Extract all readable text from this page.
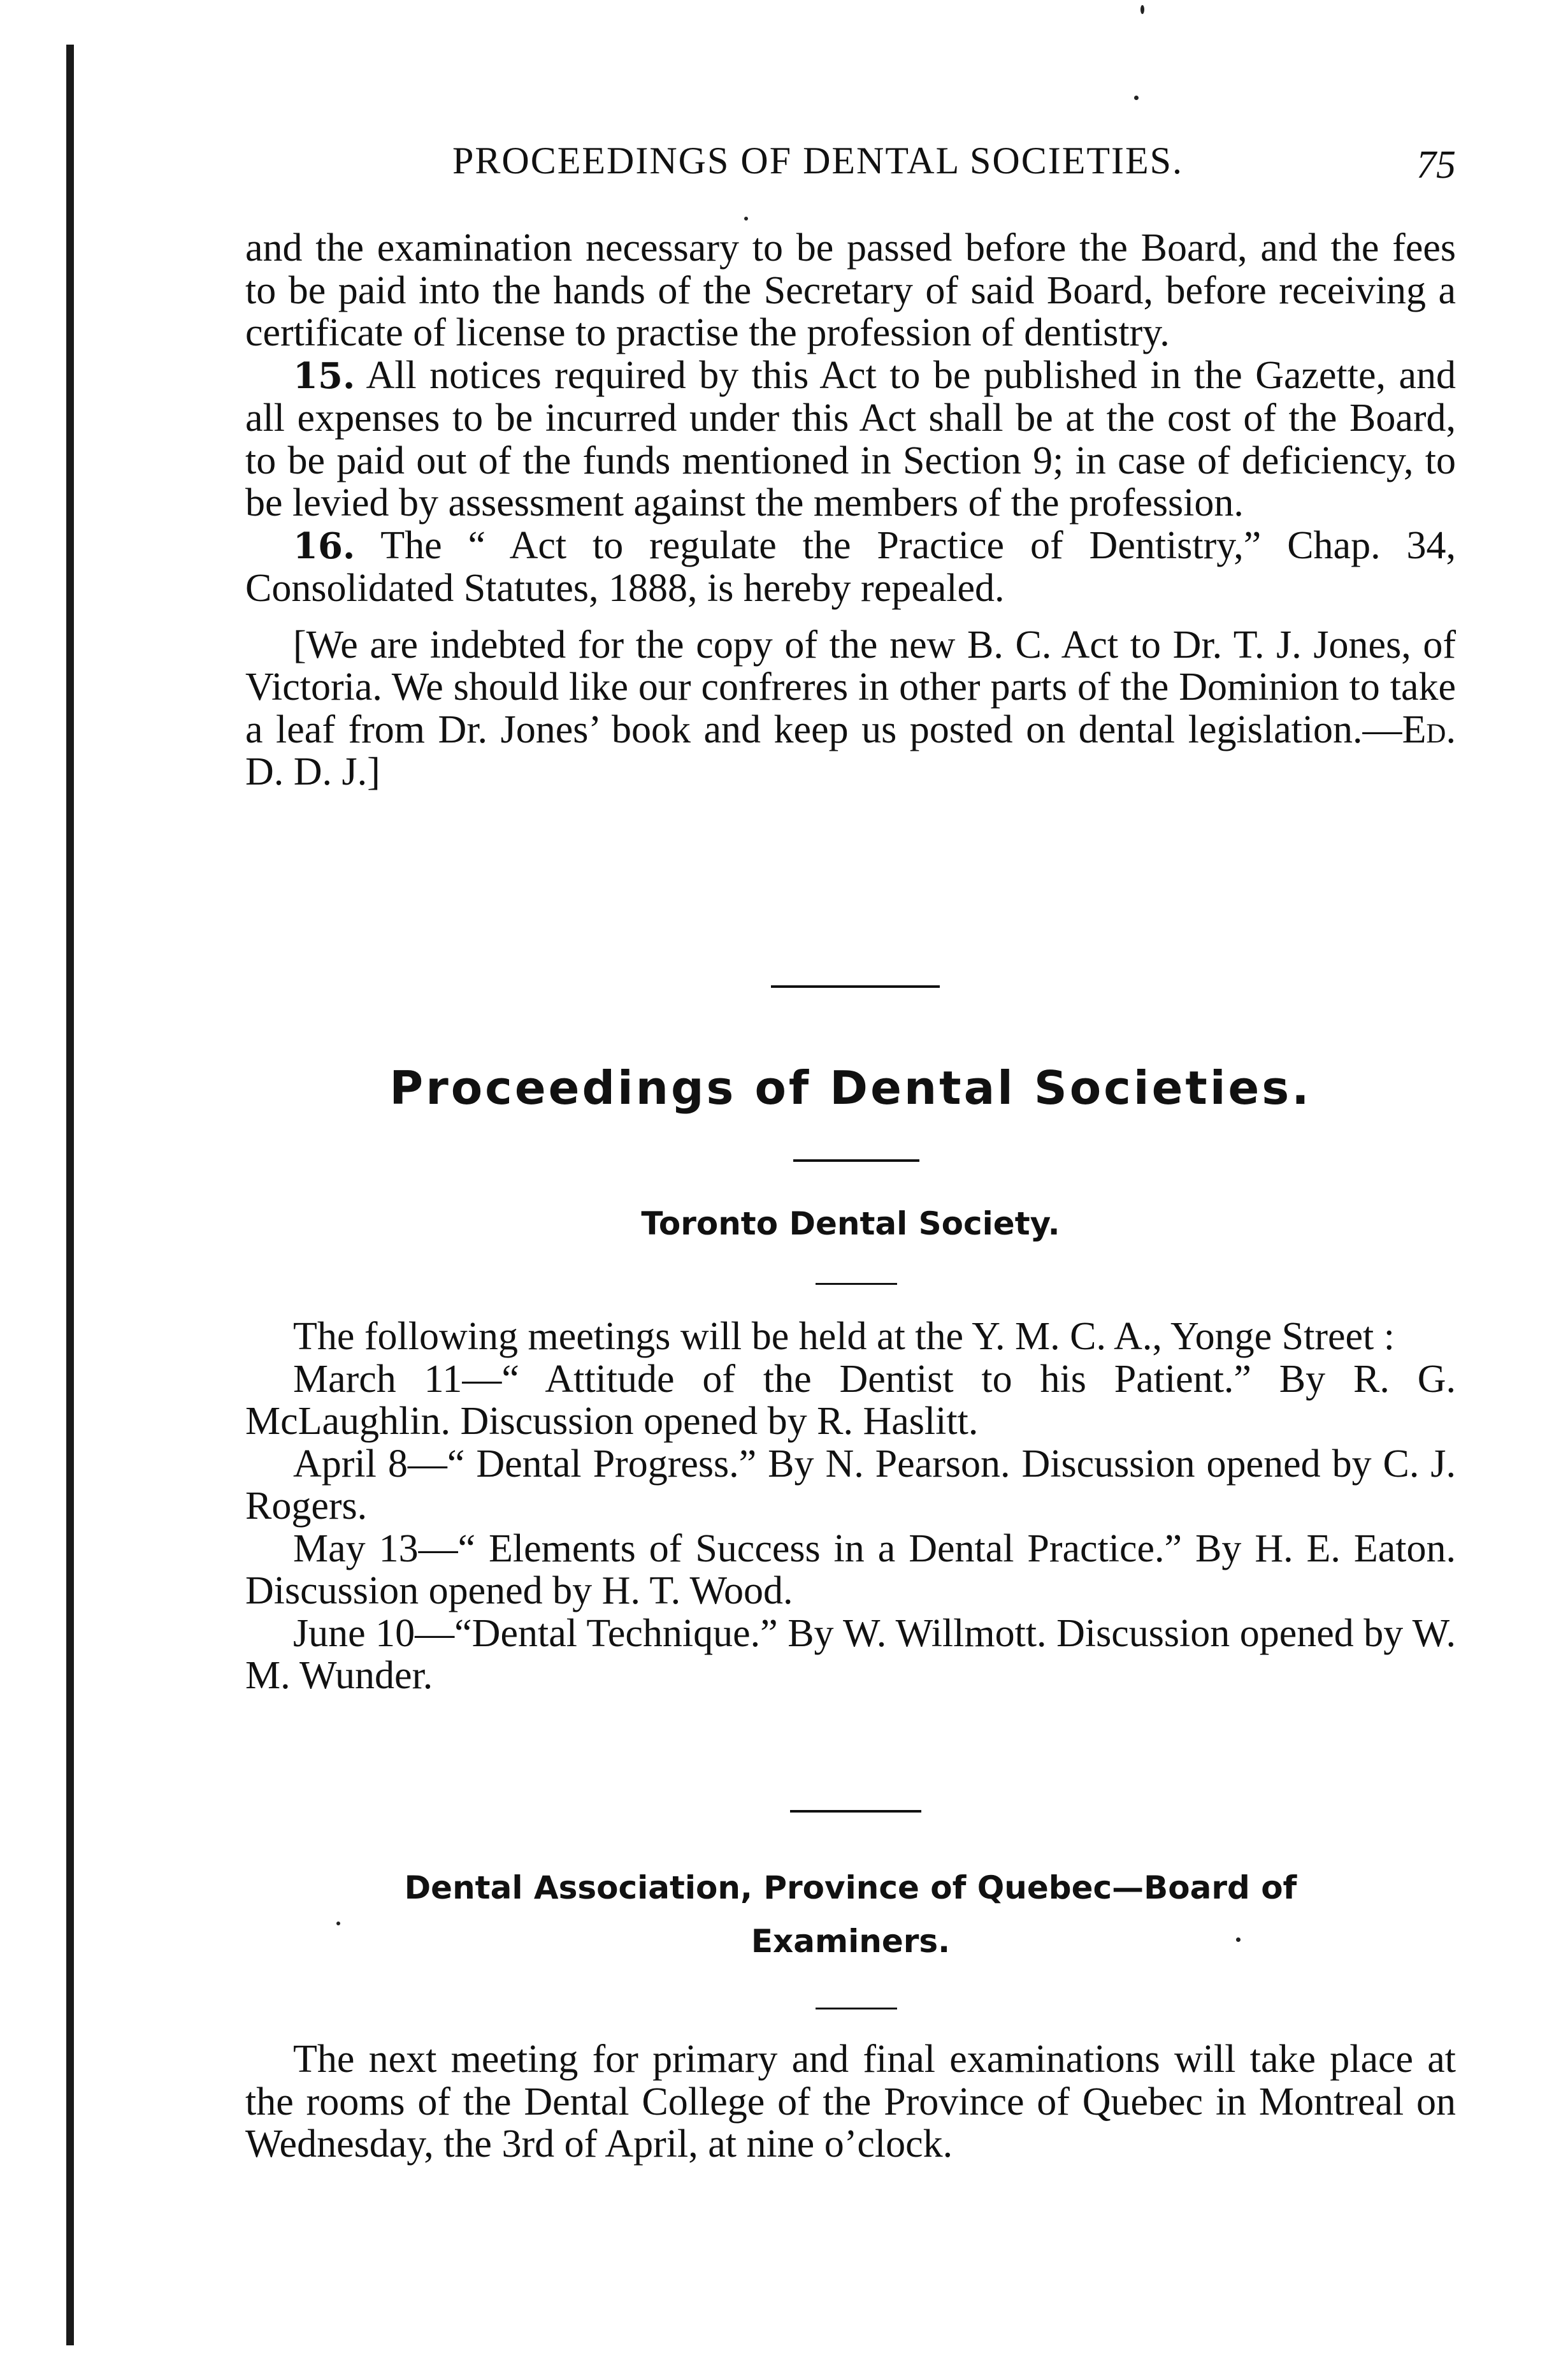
PROCEEDINGS OF DENTAL SOCIETIES.	75

and the examination necessary to be passed before the Board, and the fees to be paid into the hands of the Secretary of said Board, before receiving a certificate of license to practise the profession of dentistry.

15. All notices required by this Act to be published in the Gazette, and all expenses to be incurred under this Act shall be at the cost of the Board, to be paid out of the funds mentioned in Section 9; in case of deficiency, to be levied by assessment against the members of the profession.

16. The “ Act to regulate the Practice of Dentistry,” Chap. 34, Consolidated Statutes, 1888, is hereby repealed.

[We are indebted for the copy of the new B. C. Act to Dr. T. J. Jones, of Victoria. We should like our confreres in other parts of the Dominion to take a leaf from Dr. Jones’ book and keep us posted on dental legislation.—Ed. D. D. J.]

Proceedings of Dental Societies.
Toronto Dental Society.

The following meetings will be held at the Y. M. C. A., Yonge Street :

March 11—“ Attitude of the Dentist to his Patient.” By R. G. McLaughlin. Discussion opened by R. Haslitt.

April 8—“ Dental Progress.” By N. Pearson. Discussion opened by C. J. Rogers.

May 13—“ Elements of Success in a Dental Practice.” By H. E. Eaton. Discussion opened by H. T. Wood.

June 10—“Dental Technique.” By W. Willmott. Discussion opened by W. M. Wunder.

Dental Association, Province of Quebec—Board of
Examiners.

The next meeting for primary and final examinations will take place at the rooms of the Dental College of the Province of Quebec in Montreal on Wednesday, the 3rd of April, at nine o’clock.
